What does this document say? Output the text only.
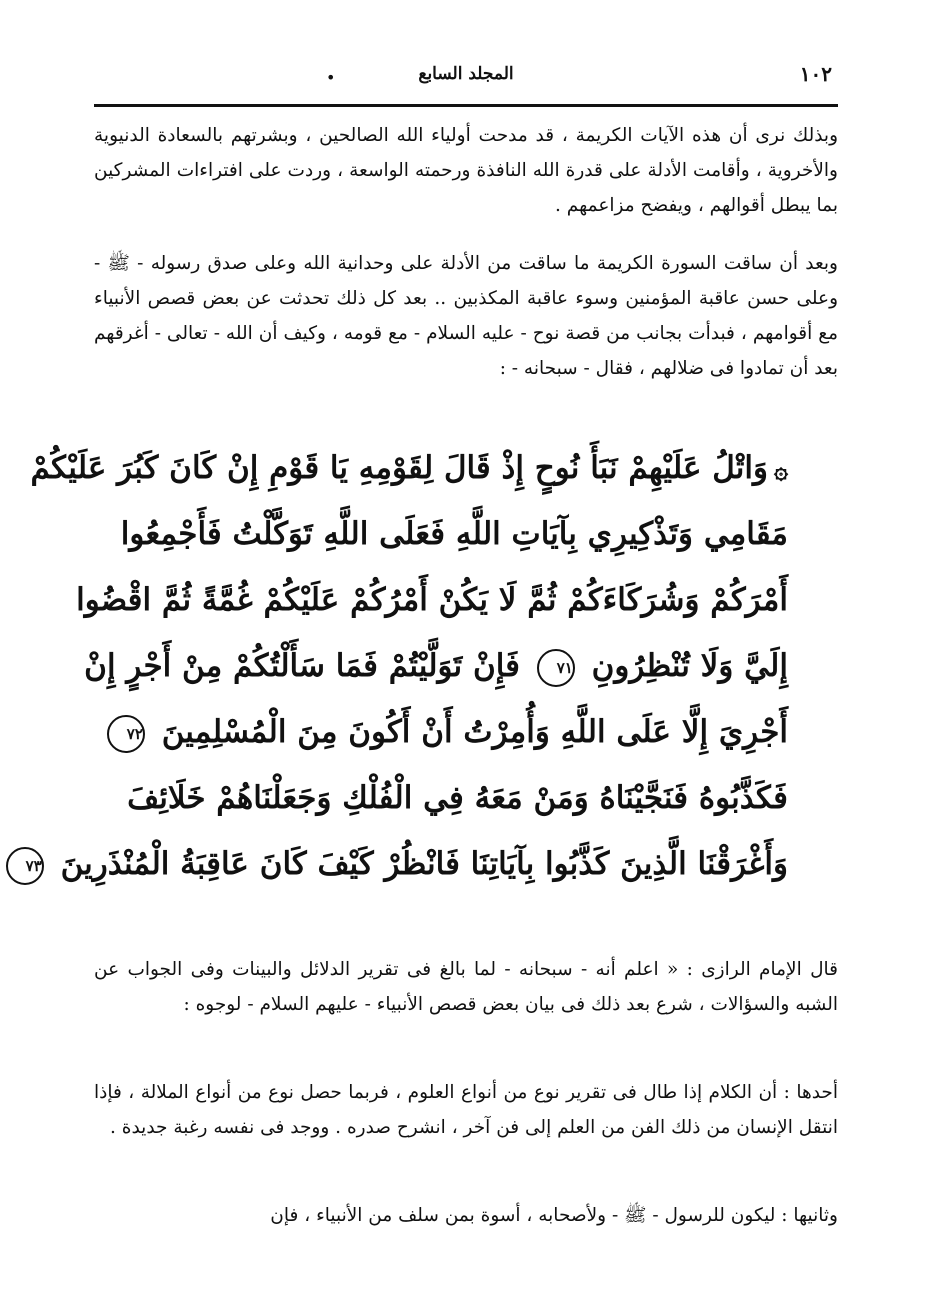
١٠٢
المجلد السابع
•

وبذلك نرى أن هذه الآيات الكريمة ، قد مدحت أولياء الله الصالحين ، وبشرتهم بالسعادة الدنيوية والأخروية ، وأقامت الأدلة على قدرة الله النافذة ورحمته الواسعة ، وردت على افتراءات المشركين بما يبطل أقوالهم ، ويفضح مزاعمهم .

وبعد أن ساقت السورة الكريمة ما ساقت من الأدلة على وحدانية الله وعلى صدق رسوله - ﷺ - وعلى حسن عاقبة المؤمنين وسوء عاقبة المكذبين .. بعد كل ذلك تحدثت عن بعض قصص الأنبياء مع أقوامهم ، فبدأت بجانب من قصة نوح - عليه السلام - مع قومه ، وكيف أن الله - تعالى - أغرقهم بعد أن تمادوا فى ضلالهم ، فقال - سبحانه - :

۞وَاتْلُ عَلَيْهِمْ نَبَأَ نُوحٍ إِذْ قَالَ لِقَوْمِهِ يَا قَوْمِ إِنْ كَانَ كَبُرَ عَلَيْكُمْ
مَقَامِي وَتَذْكِيرِي بِآيَاتِ اللَّهِ فَعَلَى اللَّهِ تَوَكَّلْتُ فَأَجْمِعُوا
أَمْرَكُمْ وَشُرَكَاءَكُمْ ثُمَّ لَا يَكُنْ أَمْرُكُمْ عَلَيْكُمْ غُمَّةً ثُمَّ اقْضُوا
إِلَيَّ وَلَا تُنْظِرُونِ ٧١ فَإِنْ تَوَلَّيْتُمْ فَمَا سَأَلْتُكُمْ مِنْ أَجْرٍ إِنْ
أَجْرِيَ إِلَّا عَلَى اللَّهِ وَأُمِرْتُ أَنْ أَكُونَ مِنَ الْمُسْلِمِينَ ٧٢
فَكَذَّبُوهُ فَنَجَّيْنَاهُ وَمَنْ مَعَهُ فِي الْفُلْكِ وَجَعَلْنَاهُمْ خَلَائِفَ
وَأَغْرَقْنَا الَّذِينَ كَذَّبُوا بِآيَاتِنَا فَانْظُرْ كَيْفَ كَانَ عَاقِبَةُ الْمُنْذَرِينَ ٧٣

قال الإمام الرازى : « اعلم أنه - سبحانه - لما بالغ فى تقرير الدلائل والبينات وفى الجواب عن الشبه والسؤالات ، شرع بعد ذلك فى بيان بعض قصص الأنبياء - عليهم السلام - لوجوه :

أحدها : أن الكلام إذا طال فى تقرير نوع من أنواع العلوم ، فربما حصل نوع من أنواع الملالة ، فإذا انتقل الإنسان من ذلك الفن من العلم إلى فن آخر ، انشرح صدره . ووجد فى نفسه رغبة جديدة .

وثانيها : ليكون للرسول - ﷺ - ولأصحابه ، أسوة بمن سلف من الأنبياء ، فإن
